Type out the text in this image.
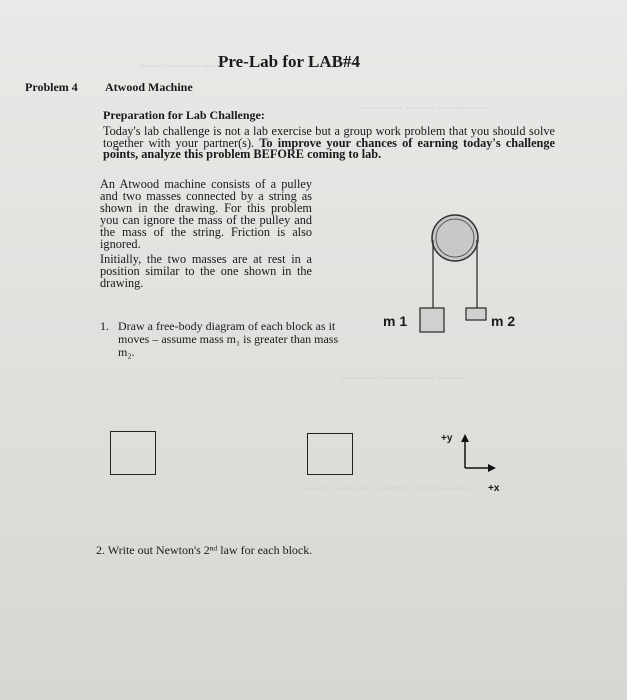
~~~ ~~~~~ ~~~
~~~~~~ ~~~~ ~~~~~~~
~~~~~ ~~~~~~~~ ~~~~
~~~~ ~~~~~~ ~~~~~ ~~~~~~~~
Pre-Lab for LAB#4
Problem 4 Atwood Machine
Preparation for Lab Challenge:
Today's lab challenge is not a lab exercise but a group work problem that you should solve together with your partner(s). To improve your chances of earning today's challenge points, analyze this problem BEFORE coming to lab.

An Atwood machine consists of a pulley and two masses connected by a string as shown in the drawing. For this problem you can ignore the mass of the pulley and the mass of the string. Friction is also ignored.

Initially, the two masses are at rest in a position similar to the one shown in the drawing.

1. Draw a free-body diagram of each block as it moves – assume mass m₁ is greater than mass m₂.
m 1	m 2
+y
+x
2. Write out Newton's 2ⁿᵈ law for each block.
